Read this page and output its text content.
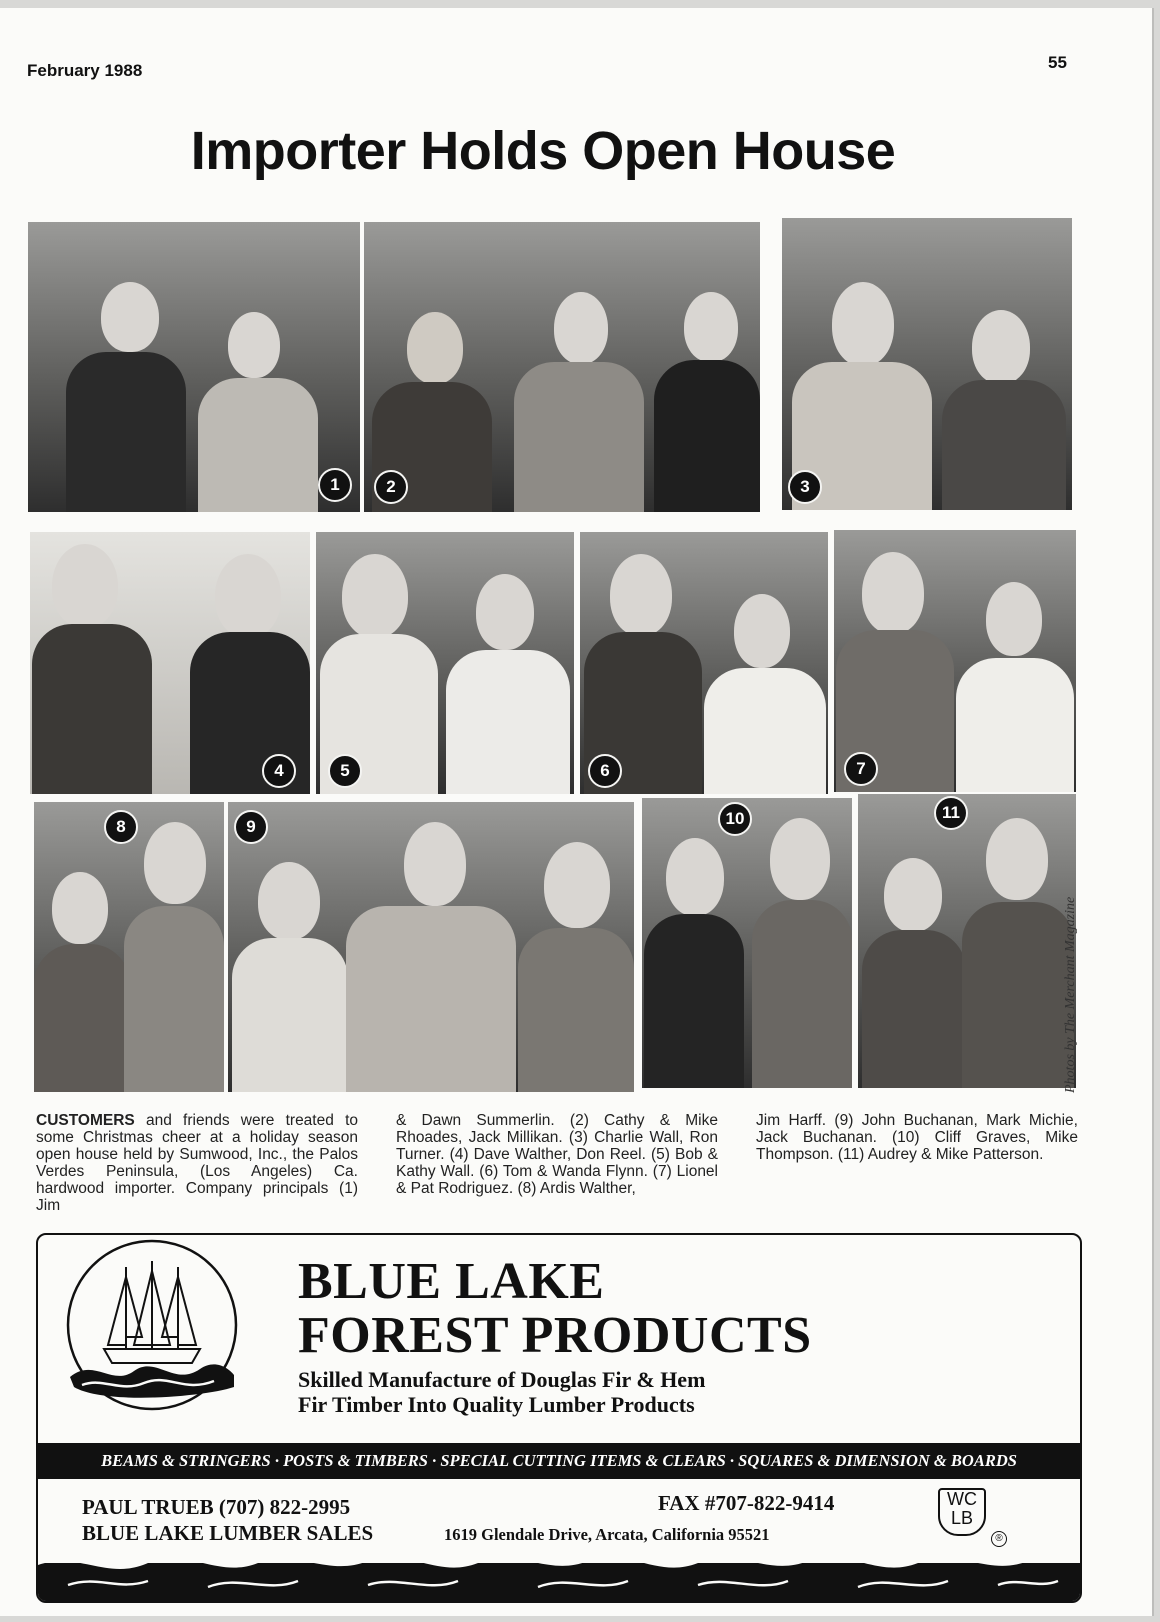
February 1988	55
Importer Holds Open House
1	2	3
4	5	6	7
8	9	10	11
Photos by The Merchant Magazine
CUSTOMERS and friends were treated to some Christmas cheer at a holiday season open house held by Sumwood, Inc., the Palos Verdes Peninsula, (Los Angeles) Ca. hardwood importer. Company principals (1) Jim
& Dawn Summerlin. (2) Cathy & Mike Rhoades, Jack Millikan. (3) Charlie Wall, Ron Turner. (4) Dave Walther, Don Reel. (5) Bob & Kathy Wall. (6) Tom & Wanda Flynn. (7) Lionel & Pat Rodriguez. (8) Ardis Walther,
Jim Harff. (9) John Buchanan, Mark Michie, Jack Buchanan. (10) Cliff Graves, Mike Thompson. (11) Audrey & Mike Patterson.
BLUE LAKE
FOREST PRODUCTS
Skilled Manufacture of Douglas Fir & Hem
Fir Timber Into Quality Lumber Products
BEAMS & STRINGERS · POSTS & TIMBERS · SPECIAL CUTTING ITEMS & CLEARS · SQUARES & DIMENSION & BOARDS
PAUL TRUEB (707) 822-2995	FAX #707-822-9414
BLUE LAKE LUMBER SALES	1619 Glendale Drive, Arcata, California 95521
WC
LB
®
